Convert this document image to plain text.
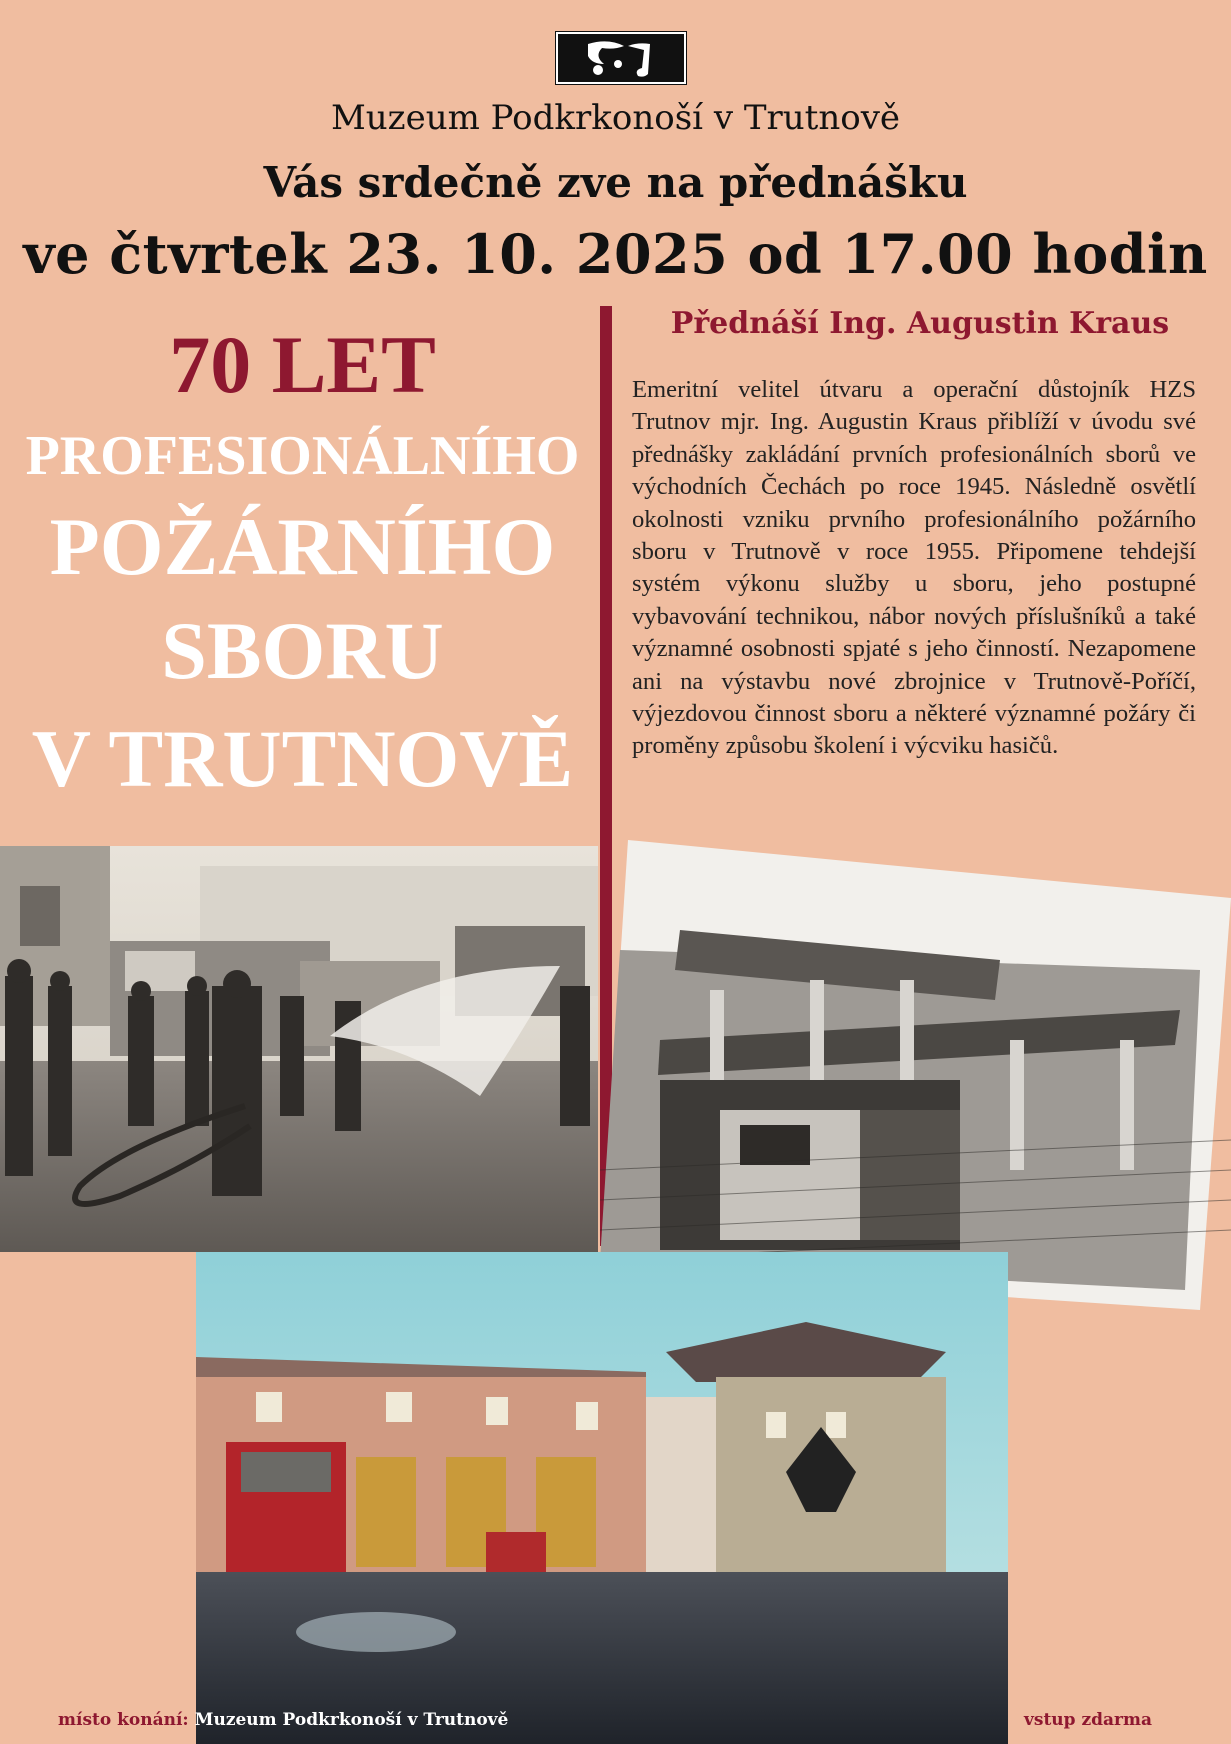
Muzeum Podkrkonoší v Trutnově
Vás srdečně zve na přednášku
ve čtvrtek 23. 10. 2025 od 17.00 hodin
70 LET
PROFESIONÁLNÍHO
POŽÁRNÍHO
SBORU
V TRUTNOVĚ
Přednáší Ing. Augustin Kraus
Emeritní velitel útvaru a operační důstojník HZS Trutnov mjr. Ing. Augustin Kraus přiblíží v úvodu své přednášky zakládání prvních profesionálních sborů ve východních Čechách po roce 1945. Následně osvětlí okolnosti vzniku prvního profesionálního požárního sboru v Trutnově v roce 1955. Připomene tehdejší systém výkonu služby u sboru, jeho postupné vybavování technikou, nábor nových příslušníků a také významné osobnosti spjaté s jeho činností. Nezapomene ani na výstavbu nové zbrojnice v Trutnově-Poříčí, výjezdovou činnost sboru a některé významné požáry či proměny způsobu školení i výcviku hasičů.
místo konání: Muzeum Podkrkonoší v Trutnově	vstup zdarma
